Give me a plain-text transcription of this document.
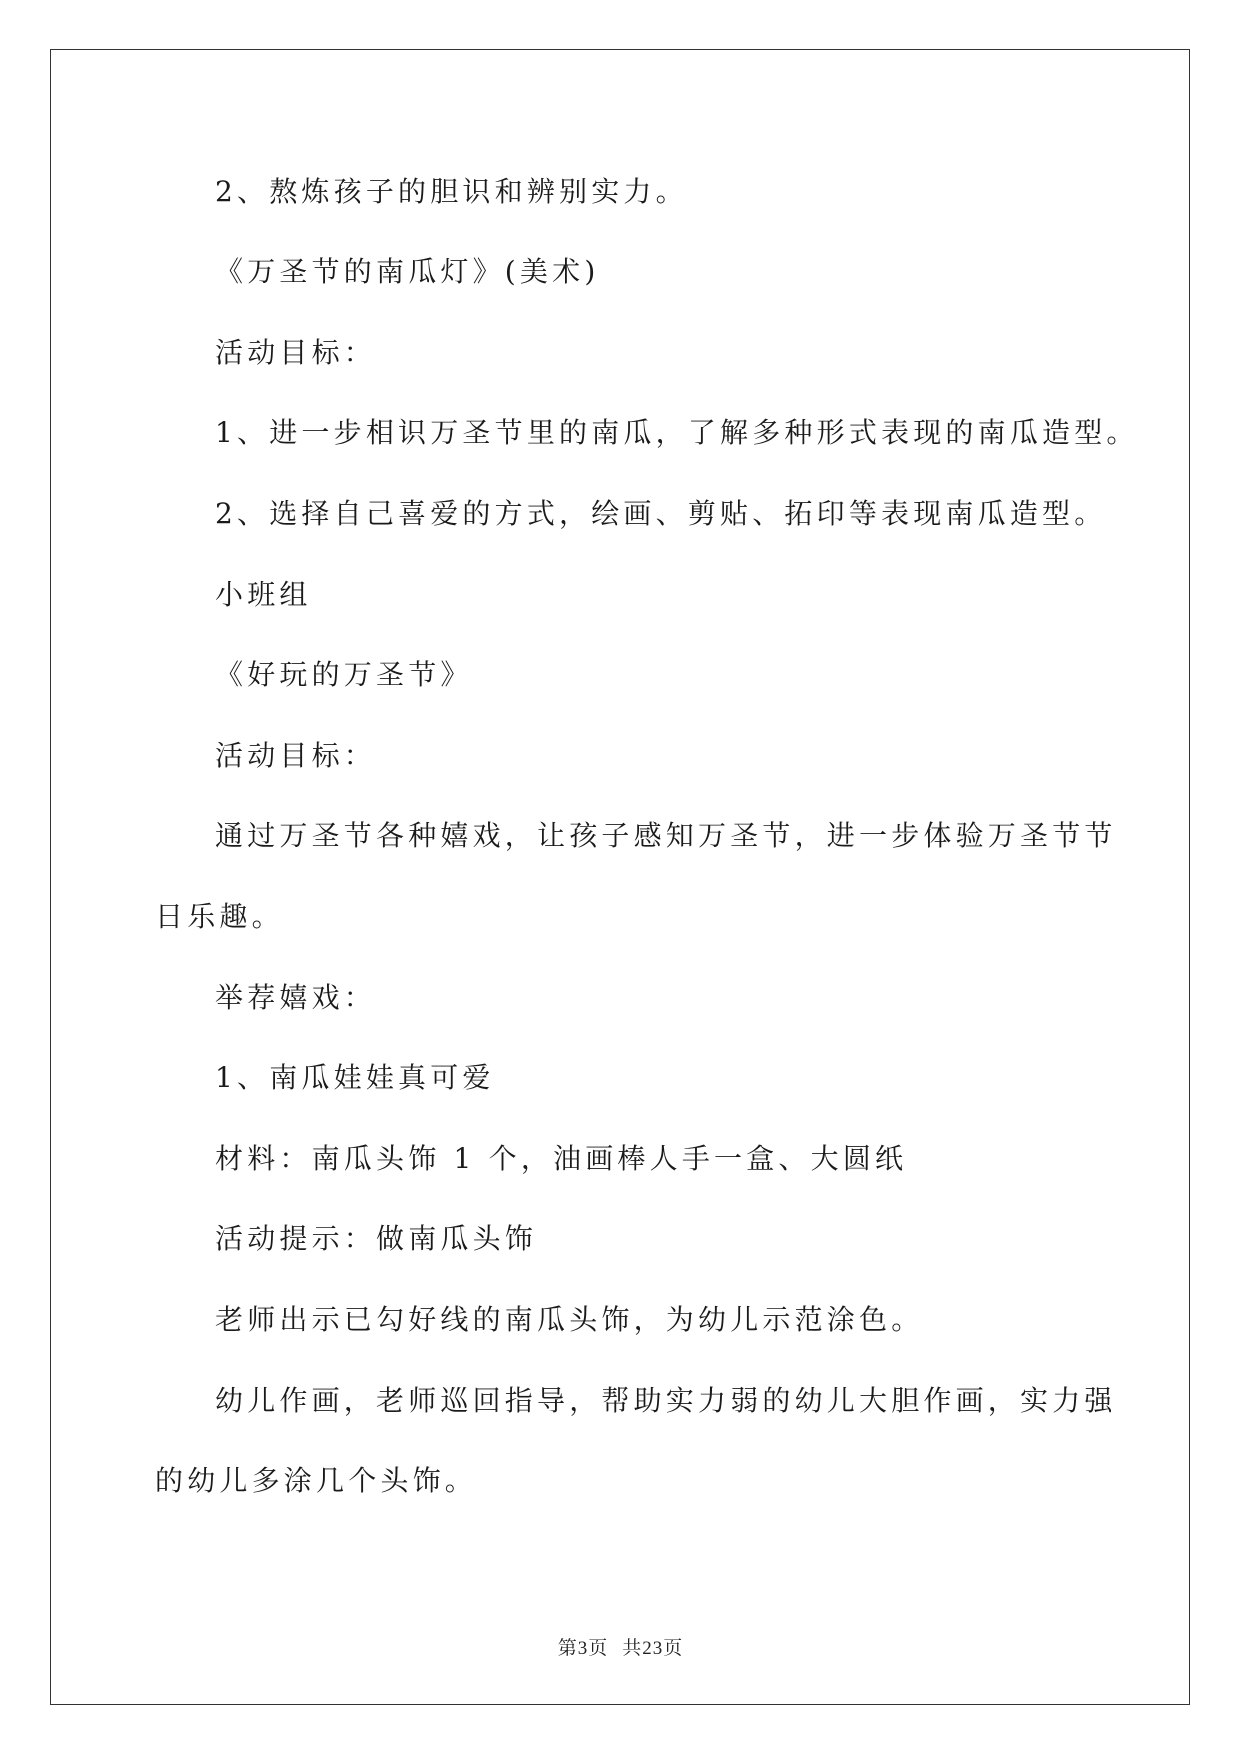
2、熬炼孩子的胆识和辨别实力。

《万圣节的南瓜灯》(美术)

活动目标：

1、进一步相识万圣节里的南瓜，了解多种形式表现的南瓜造型。

2、选择自己喜爱的方式，绘画、剪贴、拓印等表现南瓜造型。

小班组

《好玩的万圣节》

活动目标：

通过万圣节各种嬉戏，让孩子感知万圣节，进一步体验万圣节节

日乐趣。

举荐嬉戏：

1、南瓜娃娃真可爱

材料：南瓜头饰 1 个，油画棒人手一盒、大圆纸

活动提示：做南瓜头饰

老师出示已勾好线的南瓜头饰，为幼儿示范涂色。

幼儿作画，老师巡回指导，帮助实力弱的幼儿大胆作画，实力强

的幼儿多涂几个头饰。

第3页  共23页
